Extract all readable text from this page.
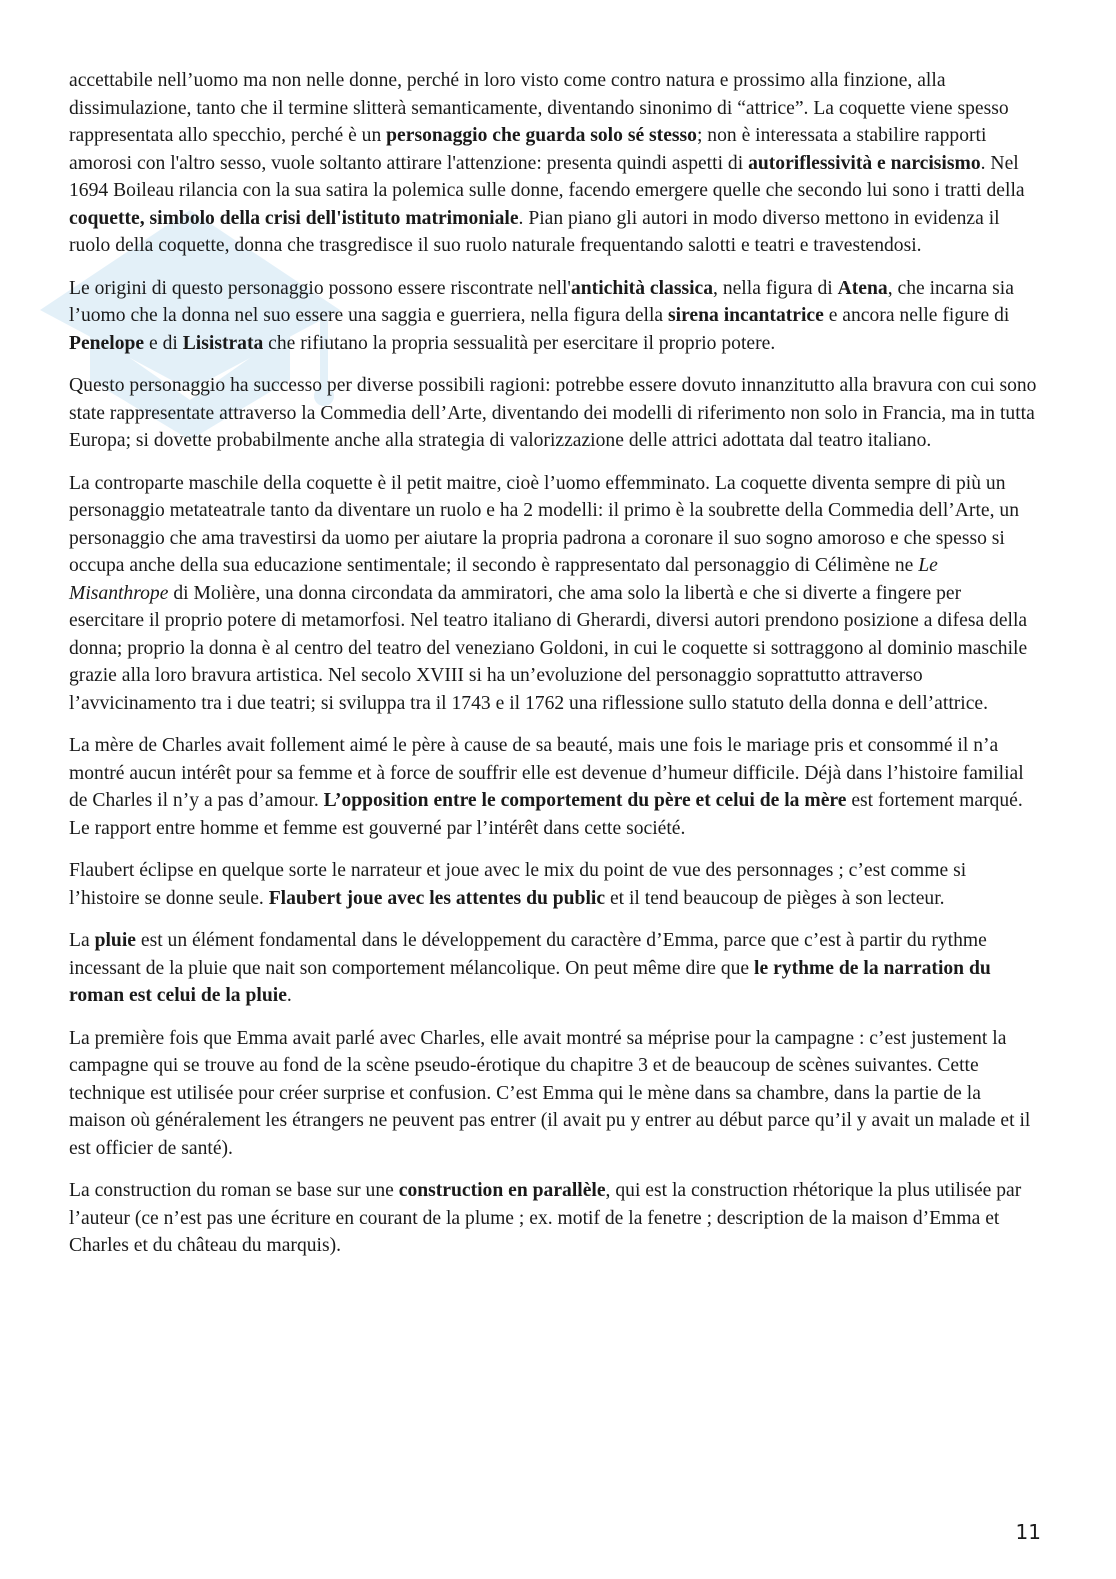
accettabile nell’uomo ma non nelle donne, perché in loro visto come contro natura e prossimo alla finzione, alla dissimulazione, tanto che il termine slitterà semanticamente, diventando sinonimo di “attrice”. La coquette viene spesso rappresentata allo specchio, perché è un personaggio che guarda solo sé stesso; non è interessata a stabilire rapporti amorosi con l'altro sesso, vuole soltanto attirare l'attenzione: presenta quindi aspetti di autoriflessività e narcisismo. Nel 1694 Boileau rilancia con la sua satira la polemica sulle donne, facendo emergere quelle che secondo lui sono i tratti della coquette, simbolo della crisi dell'istituto matrimoniale. Pian piano gli autori in modo diverso mettono in evidenza il ruolo della coquette, donna che trasgredisce il suo ruolo naturale frequentando salotti e teatri e travestendosi.

Le origini di questo personaggio possono essere riscontrate nell'antichità classica, nella figura di Atena, che incarna sia l’uomo che la donna nel suo essere una saggia e guerriera, nella figura della sirena incantatrice e ancora nelle figure di Penelope e di Lisistrata che rifiutano la propria sessualità per esercitare il proprio potere.

Questo personaggio ha successo per diverse possibili ragioni: potrebbe essere dovuto innanzitutto alla bravura con cui sono state rappresentate attraverso la Commedia dell’Arte, diventando dei modelli di riferimento non solo in Francia, ma in tutta Europa; si dovette probabilmente anche alla strategia di valorizzazione delle attrici adottata dal teatro italiano.

La controparte maschile della coquette è il petit maitre, cioè l’uomo effemminato. La coquette diventa sempre di più un personaggio metateatrale tanto da diventare un ruolo e ha 2 modelli: il primo è la soubrette della Commedia dell’Arte, un personaggio che ama travestirsi da uomo per aiutare la propria padrona a coronare il suo sogno amoroso e che spesso si occupa anche della sua educazione sentimentale; il secondo è rappresentato dal personaggio di Célimène ne Le Misanthrope di Molière, una donna circondata da ammiratori, che ama solo la libertà e che si diverte a fingere per esercitare il proprio potere di metamorfosi. Nel teatro italiano di Gherardi, diversi autori prendono posizione a difesa della donna; proprio la donna è al centro del teatro del veneziano Goldoni, in cui le coquette si sottraggono al dominio maschile grazie alla loro bravura artistica. Nel secolo XVIII si ha un’evoluzione del personaggio soprattutto attraverso l’avvicinamento tra i due teatri; si sviluppa tra il 1743 e il 1762 una riflessione sullo statuto della donna e dell’attrice.

La mère de Charles avait follement aimé le père à cause de sa beauté, mais une fois le mariage pris et consommé il n’a montré aucun intérêt pour sa femme et à force de souffrir elle est devenue d’humeur difficile. Déjà dans l’histoire familial de Charles il n’y a pas d’amour. L’opposition entre le comportement du père et celui de la mère est fortement marqué. Le rapport entre homme et femme est gouverné par l’intérêt dans cette société.

Flaubert éclipse en quelque sorte le narrateur et joue avec le mix du point de vue des personnages ; c’est comme si l’histoire se donne seule. Flaubert joue avec les attentes du public et il tend beaucoup de pièges à son lecteur.

La pluie est un élément fondamental dans le développement du caractère d’Emma, parce que c’est à partir du rythme incessant de la pluie que nait son comportement mélancolique. On peut même dire que le rythme de la narration du roman est celui de la pluie.

La première fois que Emma avait parlé avec Charles, elle avait montré sa méprise pour la campagne : c’est justement la campagne qui se trouve au fond de la scène pseudo-érotique du chapitre 3 et de beaucoup de scènes suivantes. Cette technique est utilisée pour créer surprise et confusion. C’est Emma qui le mène dans sa chambre, dans la partie de la maison où généralement les étrangers ne peuvent pas entrer (il avait pu y entrer au début parce qu’il y avait un malade et il est officier de santé).

La construction du roman se base sur une construction en parallèle, qui est la construction rhétorique la plus utilisée par l’auteur (ce n’est pas une écriture en courant de la plume ; ex. motif de la fenetre ; description de la maison d’Emma et Charles et du château du marquis).

11
